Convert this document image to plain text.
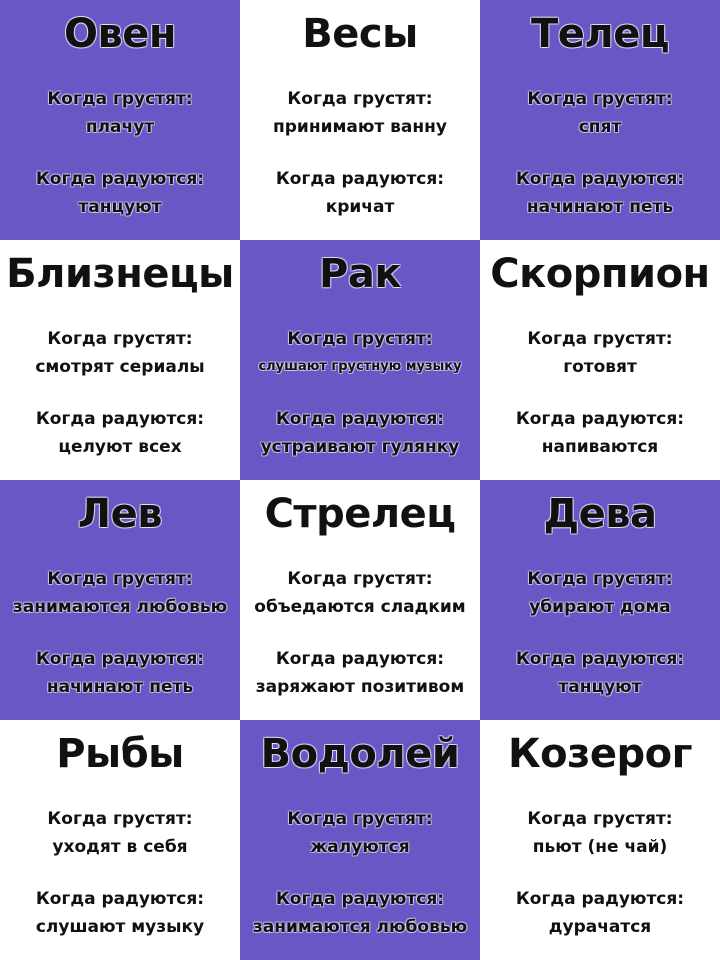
Овен
Когда грустят:
плачут
Когда радуются:
танцуют
Весы
Когда грустят:
принимают ванну
Когда радуются:
кричат
Телец
Когда грустят:
спят
Когда радуются:
начинают петь
Близнецы
Когда грустят:
смотрят сериалы
Когда радуются:
целуют всех
Рак
Когда грустят:
слушают грустную музыку
Когда радуются:
устраивают гулянку
Скорпион
Когда грустят:
готовят
Когда радуются:
напиваются
Лев
Когда грустят:
занимаются любовью
Когда радуются:
начинают петь
Стрелец
Когда грустят:
объедаются сладким
Когда радуются:
заряжают позитивом
Дева
Когда грустят:
убирают дома
Когда радуются:
танцуют
Рыбы
Когда грустят:
уходят в себя
Когда радуются:
слушают музыку
Водолей
Когда грустят:
жалуются
Когда радуются:
занимаются любовью
Козерог
Когда грустят:
пьют (не чай)
Когда радуются:
дурачатся
